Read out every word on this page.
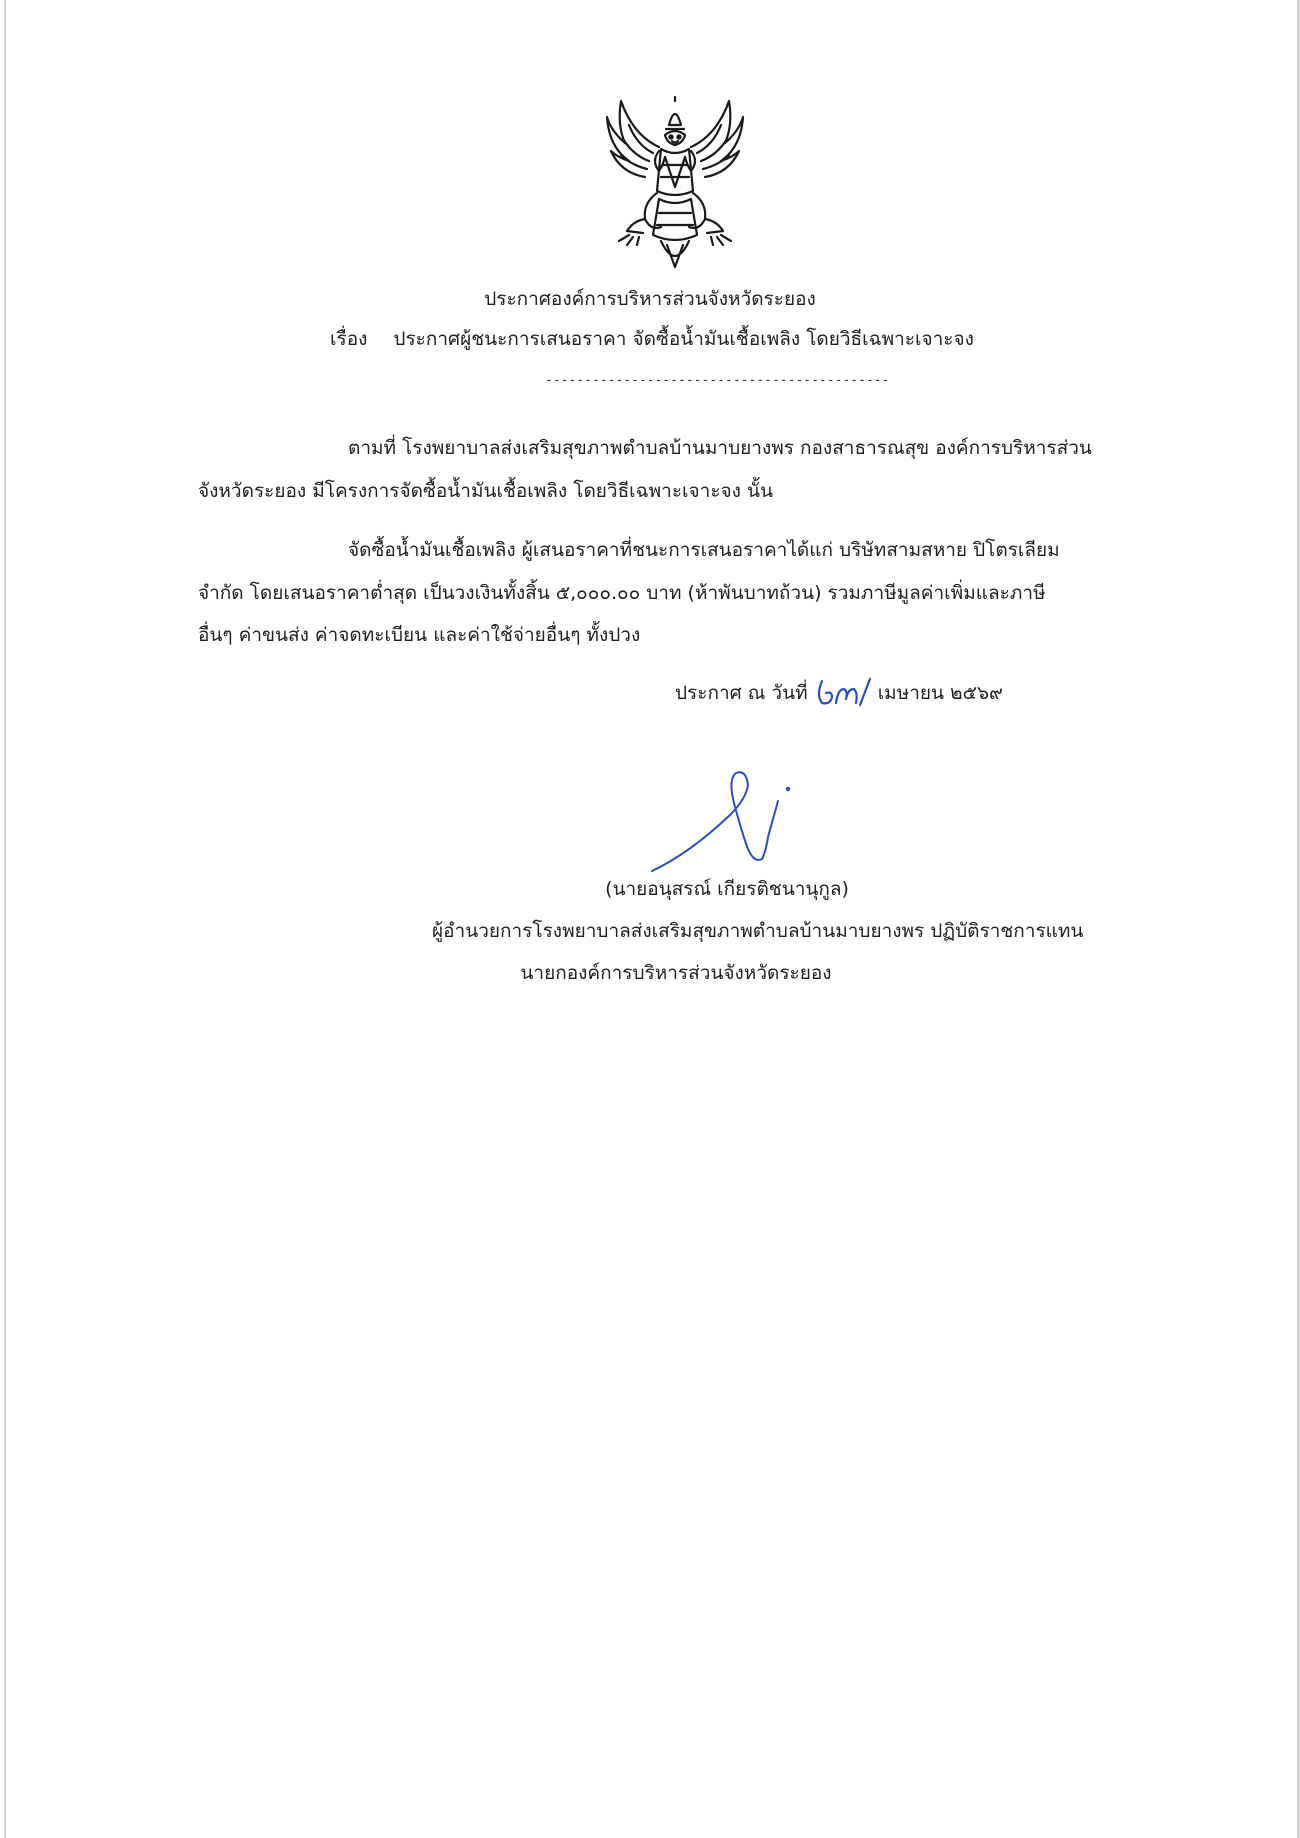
ประกาศองค์การบริหารส่วนจังหวัดระยอง
เรื่อง ประกาศผู้ชนะการเสนอราคา จัดซื้อน้ำมันเชื้อเพลิง โดยวิธีเฉพาะเจาะจง
--------------------------------------------
ตามที่ โรงพยาบาลส่งเสริมสุขภาพตำบลบ้านมาบยางพร กองสาธารณสุข องค์การบริหารส่วน
จังหวัดระยอง มีโครงการจัดซื้อน้ำมันเชื้อเพลิง โดยวิธีเฉพาะเจาะจง นั้น
จัดซื้อน้ำมันเชื้อเพลิง ผู้เสนอราคาที่ชนะการเสนอราคาได้แก่ บริษัทสามสหาย ปิโตรเลียม
จำกัด โดยเสนอราคาต่ำสุด เป็นวงเงินทั้งสิ้น ๕,๐๐๐.๐๐ บาท (ห้าพันบาทถ้วน) รวมภาษีมูลค่าเพิ่มและภาษี
อื่นๆ ค่าขนส่ง ค่าจดทะเบียน และค่าใช้จ่ายอื่นๆ ทั้งปวง
ประกาศ ณ วันที่	เมษายน ๒๕๖๙
(นายอนุสรณ์ เกียรติชนานุกูล)
ผู้อำนวยการโรงพยาบาลส่งเสริมสุขภาพตำบลบ้านมาบยางพร ปฏิบัติราชการแทน
นายกองค์การบริหารส่วนจังหวัดระยอง
